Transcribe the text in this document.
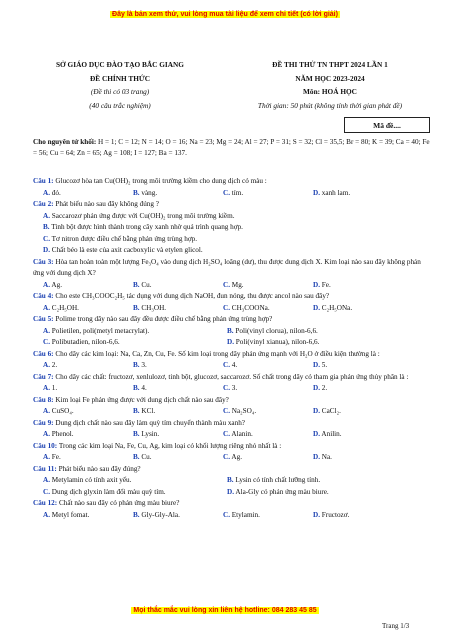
Đây là bản xem thử, vui lòng mua tài liệu để xem chi tiết (có lời giải)
SỞ GIÁO DỤC ĐÀO TẠO BẮC GIANG
ĐỀ CHÍNH THỨC
(Đề thi có 03 trang)
(40 câu trắc nghiệm)
ĐỀ THI THỬ TN THPT 2024 LẦN 1
NĂM HỌC 2023-2024
Môn: HOÁ HỌC
Thời gian: 50 phút (không tính thời gian phát đề)
Mã đề....
Cho nguyên tử khối: H = 1; C = 12; N = 14; O = 16; Na = 23; Mg = 24; Al = 27; P = 31; S = 32; Cl = 35,5; Br = 80; K = 39; Ca = 40; Fe = 56; Cu = 64; Zn = 65; Ag = 108; I = 127; Ba = 137.
Câu 1: Glucozơ hòa tan Cu(OH)₂ trong môi trường kiềm cho dung dịch có màu :
A. đỏ.	B. vàng.	C. tím.	D. xanh lam.
Câu 2: Phát biểu nào sau đây không đúng ?
A. Saccarozơ phản ứng được với Cu(OH)₂ trong môi trường kiềm.
B. Tinh bột được hình thành trong cây xanh nhờ quá trình quang hợp.
C. Tơ nitron được điều chế bằng phản ứng trùng hợp.
D. Chất béo là este của axit cacboxylic và etylen glicol.
Câu 3: Hòa tan hoàn toàn một lượng Fe₃O₄ vào dung dịch H₂SO₄ loãng (dư), thu được dung dịch X. Kim loại nào sau đây không phản ứng với dung dịch X?
A. Ag.	B. Cu.	C. Mg.	D. Fe.
Câu 4: Cho este CH₃COOC₂H₅ tác dụng với dung dịch NaOH, đun nóng, thu được ancol nào sau đây?
A. C₂H₅OH.	B. CH₃OH.	C. CH₃COONa.	D. C₂H₅ONa.
Câu 5: Polime trong dãy nào sau đây đều được điều chế bằng phản ứng trùng hợp?
A. Polietilen, poli(metyl metacrylat).	B. Poli(vinyl clorua), nilon-6,6.
C. Polibutadien, nilon-6,6.	D. Poli(vinyl xianua), nilon-6,6.
Câu 6: Cho dãy các kim loại: Na, Ca, Zn, Cu, Fe. Số kim loại trong dãy phản ứng mạnh với H₂O ở điều kiện thường là :
A. 2.	B. 3.	C. 4.	D. 5.
Câu 7: Cho dãy các chất: fructozơ, xenlulozơ, tinh bột, glucozơ, saccarozơ. Số chất trong dãy có tham gia phản ứng thủy phân là :
A. 1.	B. 4.	C. 3.	D. 2.
Câu 8: Kim loại Fe phản ứng được với dung dịch chất nào sau đây?
A. CuSO₄.	B. KCl.	C. Na₂SO₄.	D. CaCl₂.
Câu 9: Dung dịch chất nào sau đây làm quỳ tím chuyển thành màu xanh?
A. Phenol.	B. Lysin.	C. Alanin.	D. Anilin.
Câu 10: Trong các kim loại Na, Fe, Cu, Ag, kim loại có khối lượng riêng nhỏ nhất là :
A. Fe.	B. Cu.	C. Ag.	D. Na.
Câu 11: Phát biểu nào sau đây đúng?
A. Metylamin có tính axit yếu.	B. Lysin có tính chất lưỡng tính.
C. Dung dịch glyxin làm đổi màu quỳ tím.	D. Ala-Gly có phản ứng màu biure.
Câu 12: Chất nào sau đây có phản ứng màu biure?
A. Metyl fomat.	B. Gly-Gly-Ala.	C. Etylamin.	D. Fructozơ.
Mọi thắc mắc vui lòng xin liên hệ hotline: 084 283 45 85
Trang 1/3
